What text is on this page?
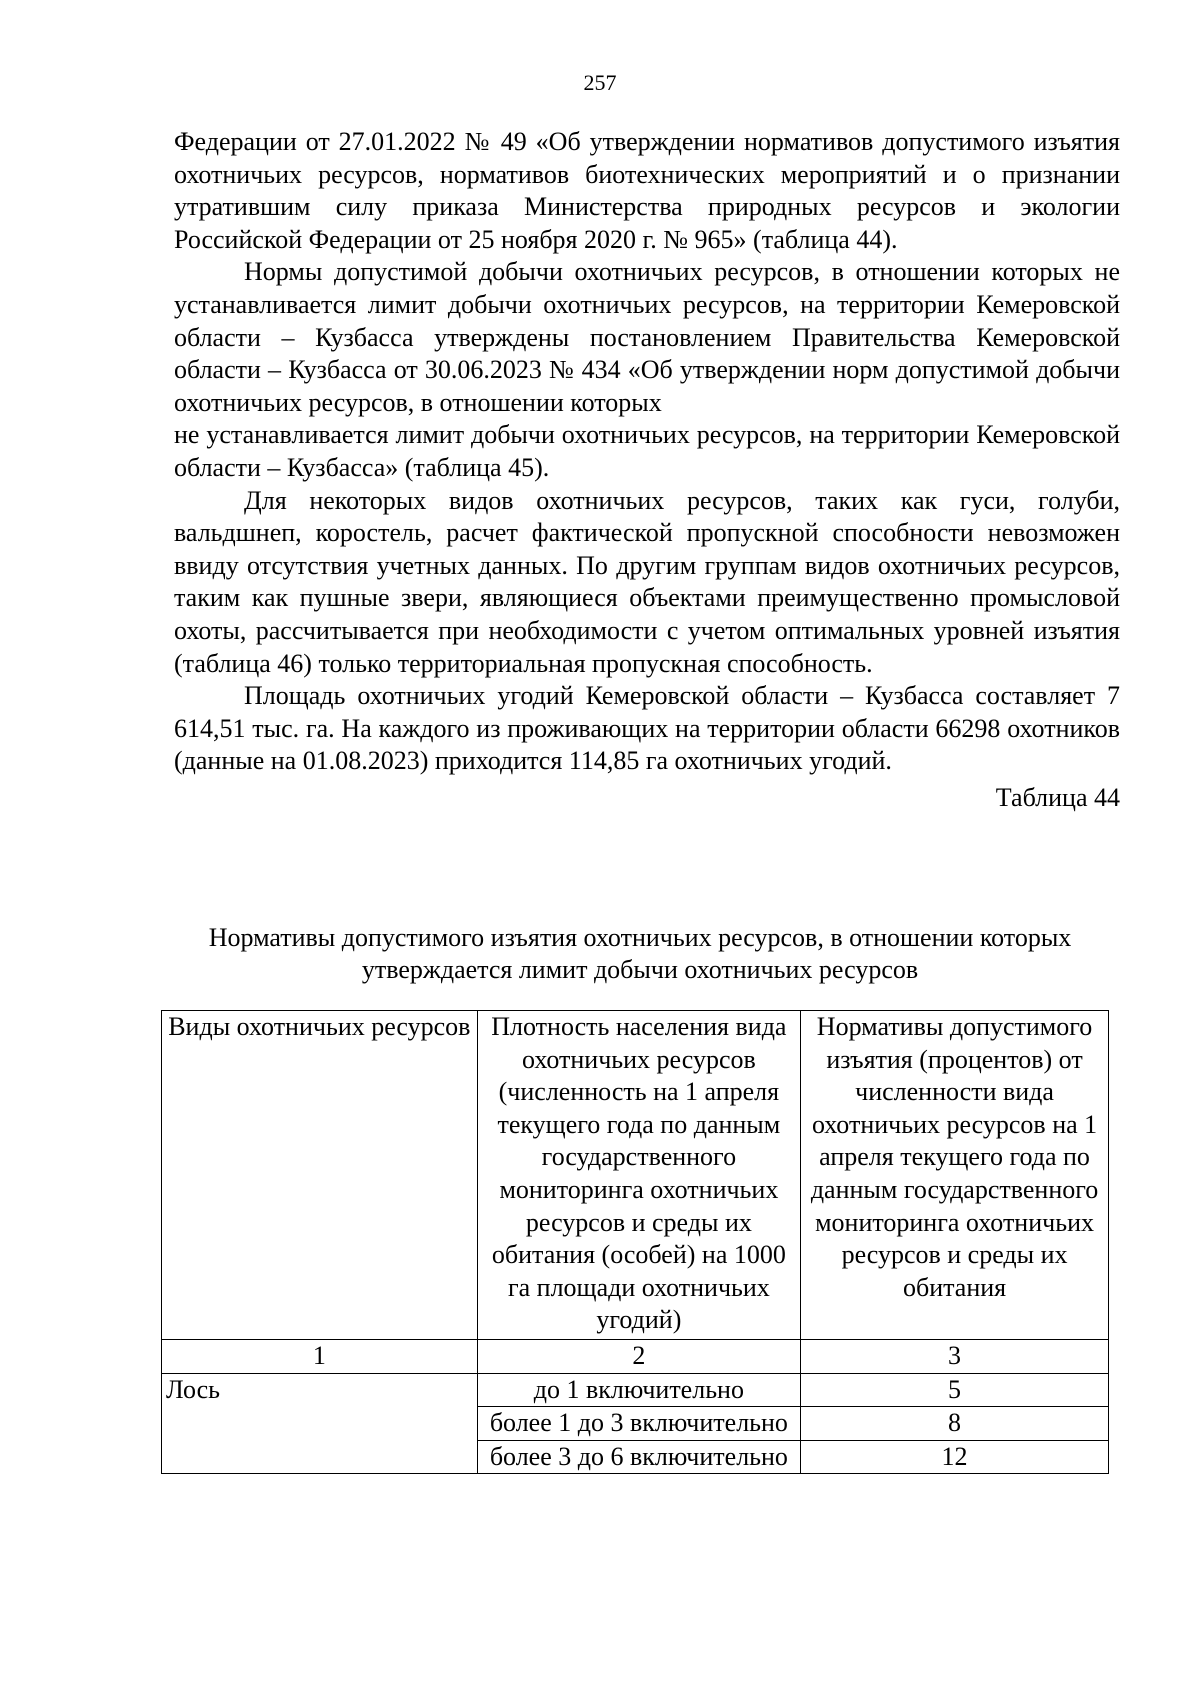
257

Федерации от 27.01.2022 № 49 «Об утверждении нормативов допустимого изъятия охотничьих ресурсов, нормативов биотехнических мероприятий и о признании утратившим силу приказа Министерства природных ресурсов и экологии Российской Федерации от 25 ноября 2020 г. № 965» (таблица 44).

Нормы допустимой добычи охотничьих ресурсов, в отношении которых не устанавливается лимит добычи охотничьих ресурсов, на территории Кемеровской области – Кузбасса утверждены постановлением Правительства Кемеровской области – Кузбасса от 30.06.2023 № 434 «Об утверждении норм допустимой добычи охотничьих ресурсов, в отношении которых

не устанавливается лимит добычи охотничьих ресурсов, на территории Кемеровской области – Кузбасса» (таблица 45).

Для некоторых видов охотничьих ресурсов, таких как гуси, голуби, вальдшнеп, коростель, расчет фактической пропускной способности невозможен ввиду отсутствия учетных данных. По другим группам видов охотничьих ресурсов, таким как пушные звери, являющиеся объектами преимущественно промысловой охоты, рассчитывается при необходимости с учетом оптимальных уровней изъятия (таблица 46) только территориальная пропускная способность.

Площадь охотничьих угодий Кемеровской области – Кузбасса составляет 7 614,51 тыс. га. На каждого из проживающих на территории области 66298 охотников (данные на 01.08.2023) приходится 114,85 га охотничьих угодий.

Таблица 44

Нормативы допустимого изъятия охотничьих ресурсов, в отношении которых утверждается лимит добычи охотничьих ресурсов
Виды охотничьих ресурсов	Плотность населения вида охотничьих ресурсов (численность на 1 апреля текущего года по данным государственного мониторинга охотничьих ресурсов и среды их обитания (особей) на 1000 га площади охотничьих угодий)	Нормативы допустимого изъятия (процентов) от численности вида охотничьих ресурсов на 1 апреля текущего года по данным государственного мониторинга охотничьих ресурсов и среды их обитания
1	2	3
Лось	до 1 включительно	5
	более 1 до 3 включительно	8
	более 3 до 6 включительно	12
